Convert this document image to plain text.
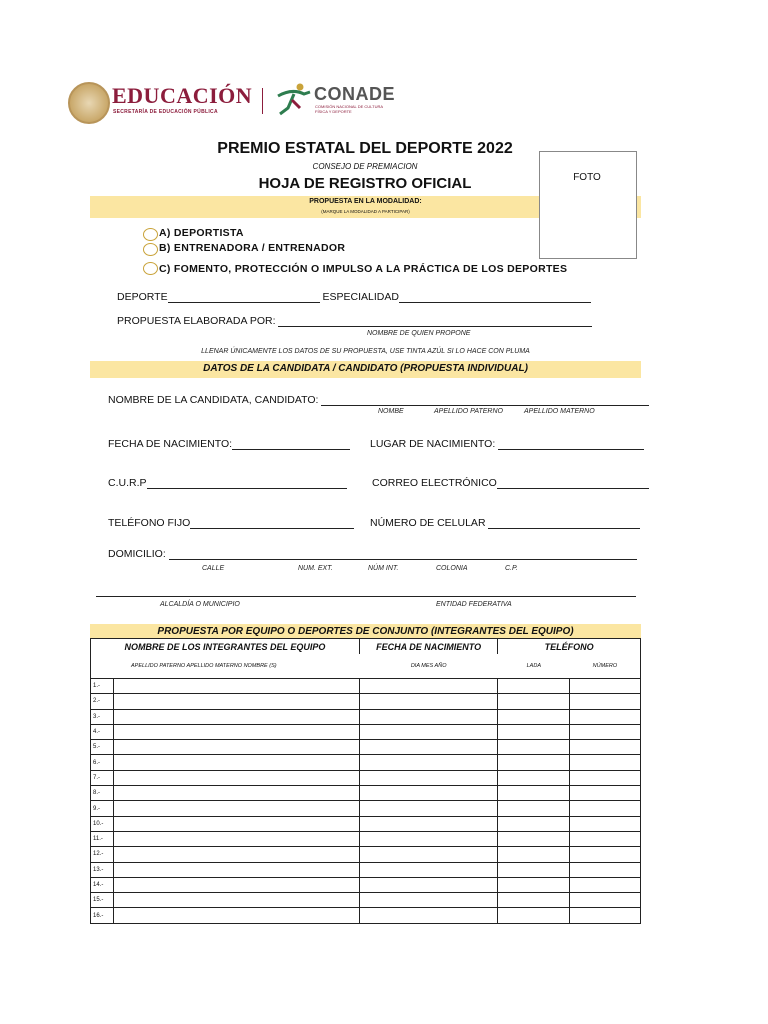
EDUCACIÓN
SECRETARÍA DE EDUCACIÓN PÚBLICA
CONADE
COMISIÓN NACIONAL DE CULTURA FÍSICA Y DEPORTE
PREMIO ESTATAL DEL DEPORTE 2022
CONSEJO DE PREMIACION
HOJA DE REGISTRO OFICIAL
PROPUESTA EN LA MODALIDAD:
(MARQUE LA MODALIDAD A PARTICIPAR)
FOTO
A) DEPORTISTA
B) ENTRENADORA / ENTRENADOR
C) FOMENTO, PROTECCIÓN O IMPULSO A LA PRÁCTICA DE LOS DEPORTES
DEPORTE	ESPECIALIDAD
PROPUESTA ELABORADA POR:
NOMBRE DE QUIEN PROPONE
LLENAR ÚNICAMENTE LOS DATOS DE SU PROPUESTA, USE TINTA AZÚL SI LO HACE CON PLUMA
DATOS DE LA CANDIDATA / CANDIDATO (PROPUESTA INDIVIDUAL)
NOMBRE DE LA CANDIDATA, CANDIDATO:
NOMBE	APELLIDO PATERNO	APELLIDO MATERNO
FECHA DE NACIMIENTO:	LUGAR DE NACIMIENTO:
C.U.R.P	CORREO ELECTRÓNICO
TELÉFONO FIJO	NÚMERO DE CELULAR
DOMICILIO:
CALLE	NUM. EXT.	NÚM INT.	COLONIA	C.P.
ALCALDÍA O MUNICIPIO	ENTIDAD FEDERATIVA
PROPUESTA POR EQUIPO O DEPORTES DE CONJUNTO (INTEGRANTES DEL EQUIPO)
NOMBRE DE LOS INTEGRANTES DEL EQUIPO		FECHA DE NACIMIENTO	TELÉFONO	
APELLIDO PATERNO APELLIDO MATERNO NOMBRE (S)		DIA MES AÑO	LADA	NÚMERO
1.-				
2.-				
3.-				
4.-				
5.-				
6.-				
7.-				
8.-				
9.-				
10.-				
11.-				
12.-				
13.-				
14.-				
15.-				
16.-				
